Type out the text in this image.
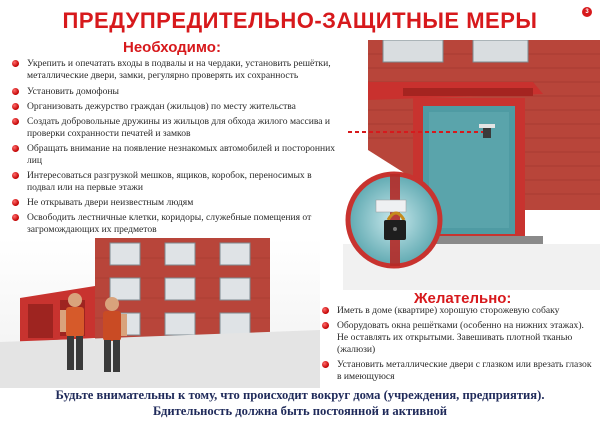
ПРЕДУПРЕДИТЕЛЬНО-ЗАЩИТНЫЕ МЕРЫ	3
Необходимо:
Укрепить и опечатать входы в подвалы и на чердаки, установить решётки, металлические двери, замки, регулярно проверять их сохранность
Установить домофоны
Организовать дежурство граждан (жильцов) по месту жительства
Создать добровольные дружины из жильцов для обхода жилого массива и проверки сохранности печатей и замков
Обращать внимание на появление незнакомых автомобилей и посторонних лиц
Интересоваться разгрузкой мешков, ящиков, коробок, переносимых в подвал или на первые этажи
Не открывать двери неизвестным людям
Освободить лестничные клетки, коридоры, служебные помещения от загромождающих их предметов
Желательно:
Иметь в доме (квартире) хорошую сторожевую собаку
Оборудовать окна решётками (особенно на нижних этажах). Не оставлять их открытыми. Завешивать плотной тканью (жалюзи)
Установить металлические двери с глазком или врезать глазок в имеющуюся
Будьте внимательны к тому, что происходит вокруг дома (учреждения, предприятия).
Бдительность должна быть постоянной и активной
